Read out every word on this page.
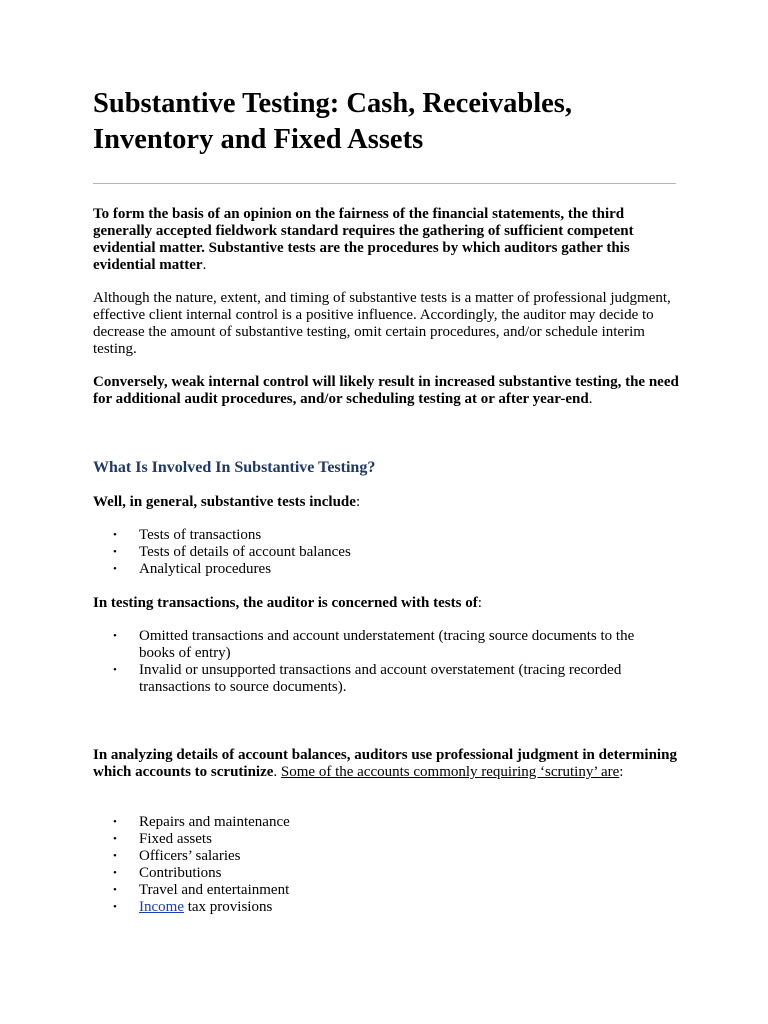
Substantive Testing: Cash, Receivables, Inventory and Fixed Assets

To form the basis of an opinion on the fairness of the financial statements, the third generally accepted fieldwork standard requires the gathering of sufficient competent evidential matter. Substantive tests are the procedures by which auditors gather this evidential matter.

Although the nature, extent, and timing of substantive tests is a matter of professional judgment, effective client internal control is a positive influence. Accordingly, the auditor may decide to decrease the amount of substantive testing, omit certain procedures, and/or schedule interim testing.

Conversely, weak internal control will likely result in increased substantive testing, the need for additional audit procedures, and/or scheduling testing at or after year-end.

What Is Involved In Substantive Testing?

Well, in general, substantive tests include:

• Tests of transactions
• Tests of details of account balances
• Analytical procedures

In testing transactions, the auditor is concerned with tests of:

• Omitted transactions and account understatement (tracing source documents to the books of entry)
• Invalid or unsupported transactions and account overstatement (tracing recorded transactions to source documents).

In analyzing details of account balances, auditors use professional judgment in determining which accounts to scrutinize. Some of the accounts commonly requiring ‘scrutiny’ are:

• Repairs and maintenance
• Fixed assets
• Officers’ salaries
• Contributions
• Travel and entertainment
• Income tax provisions
